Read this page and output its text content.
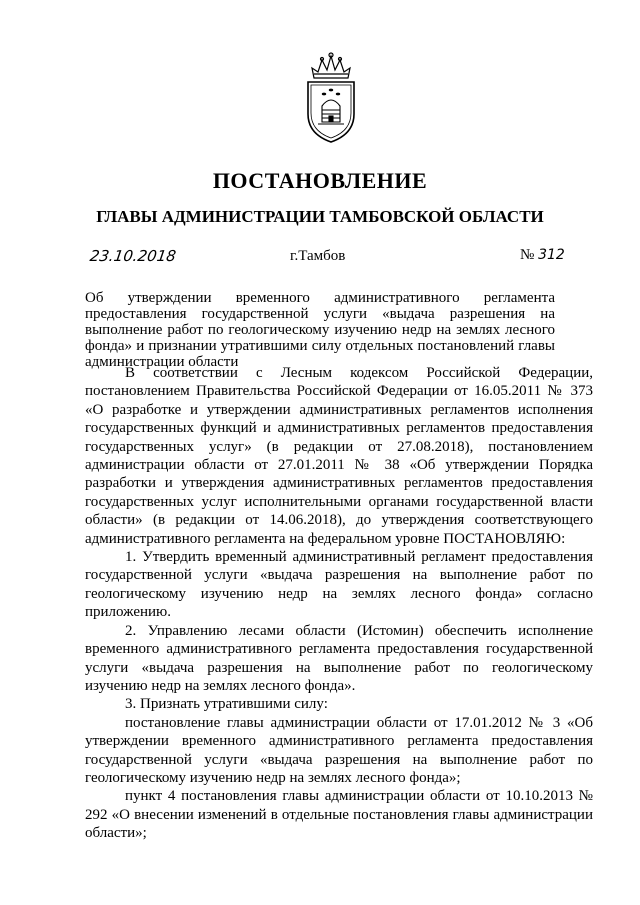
ПОСТАНОВЛЕНИЕ
ГЛАВЫ АДМИНИСТРАЦИИ ТАМБОВСКОЙ ОБЛАСТИ
23.10.2018	г.Тамбов	№ 312
Об утверждении временного административного регламента предоставления государственной услуги «выдача разрешения на выполнение работ по геологическому изучению недр на землях лесного фонда» и признании утратившими силу отдельных постановлений главы администрации области

В соответствии с Лесным кодексом Российской Федерации, постановлением Правительства Российской Федерации от 16.05.2011 № 373 «О разработке и утверждении административных регламентов исполнения государственных функций и административных регламентов предоставления государственных услуг» (в редакции от 27.08.2018), постановлением администрации области от 27.01.2011 № 38 «Об утверждении Порядка разработки и утверждения административных регламентов предоставления государственных услуг исполнительными органами государственной власти области» (в редакции от 14.06.2018), до утверждения соответствующего административного регламента на федеральном уровне ПОСТАНОВЛЯЮ:

1. Утвердить временный административный регламент предоставления государственной услуги «выдача разрешения на выполнение работ по геологическому изучению недр на землях лесного фонда» согласно приложению.

2. Управлению лесами области (Истомин) обеспечить исполнение временного административного регламента предоставления государственной услуги «выдача разрешения на выполнение работ по геологическому изучению недр на землях лесного фонда».

3. Признать утратившими силу:

постановление главы администрации области от 17.01.2012 № 3 «Об утверждении временного административного регламента предоставления государственной услуги «выдача разрешения на выполнение работ по геологическому изучению недр на землях лесного фонда»;

пункт 4 постановления главы администрации области от 10.10.2013 № 292 «О внесении изменений в отдельные постановления главы администрации области»;
